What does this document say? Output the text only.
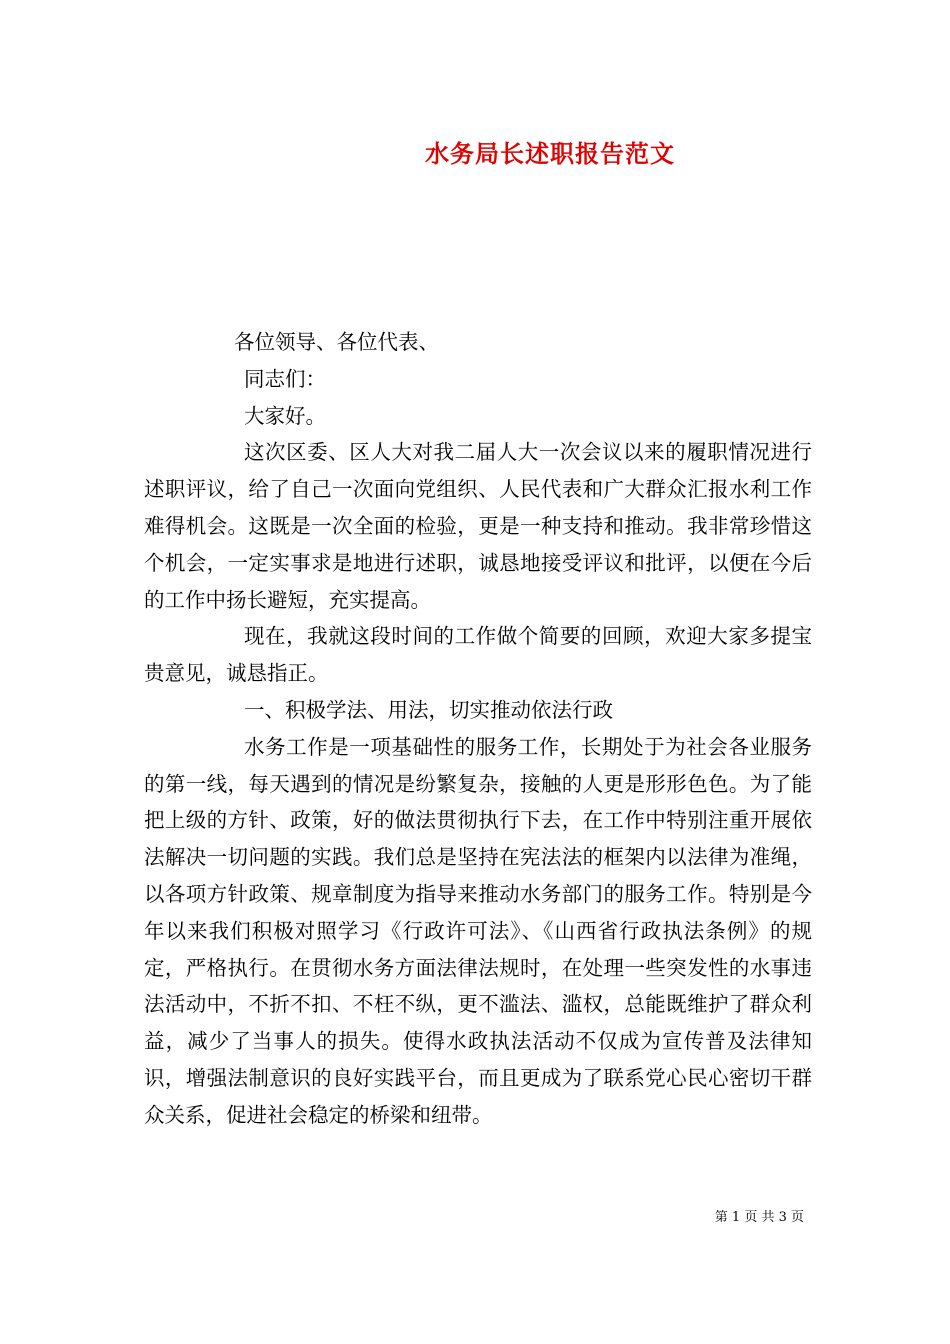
水务局长述职报告范文

各位领导、各位代表、

同志们：

大家好。

这次区委、区人大对我二届人大一次会议以来的履职情况进行述职评议，给了自己一次面向党组织、人民代表和广大群众汇报水利工作难得机会。这既是一次全面的检验，更是一种支持和推动。我非常珍惜这个机会，一定实事求是地进行述职，诚恳地接受评议和批评，以便在今后的工作中扬长避短，充实提高。

现在，我就这段时间的工作做个简要的回顾，欢迎大家多提宝贵意见，诚恳指正。

一、积极学法、用法，切实推动依法行政

水务工作是一项基础性的服务工作，长期处于为社会各业服务的第一线，每天遇到的情况是纷繁复杂，接触的人更是形形色色。为了能把上级的方针、政策，好的做法贯彻执行下去，在工作中特别注重开展依法解决一切问题的实践。我们总是坚持在宪法法的框架内以法律为准绳，以各项方针政策、规章制度为指导来推动水务部门的服务工作。特别是今年以来我们积极对照学习《行政许可法》、《山西省行政执法条例》的规定，严格执行。在贯彻水务方面法律法规时，在处理一些突发性的水事违法活动中，不折不扣、不枉不纵，更不滥法、滥权，总能既维护了群众利益，减少了当事人的损失。使得水政执法活动不仅成为宣传普及法律知识，增强法制意识的良好实践平台，而且更成为了联系党心民心密切干群众关系，促进社会稳定的桥梁和纽带。

第 1 页 共 3 页
